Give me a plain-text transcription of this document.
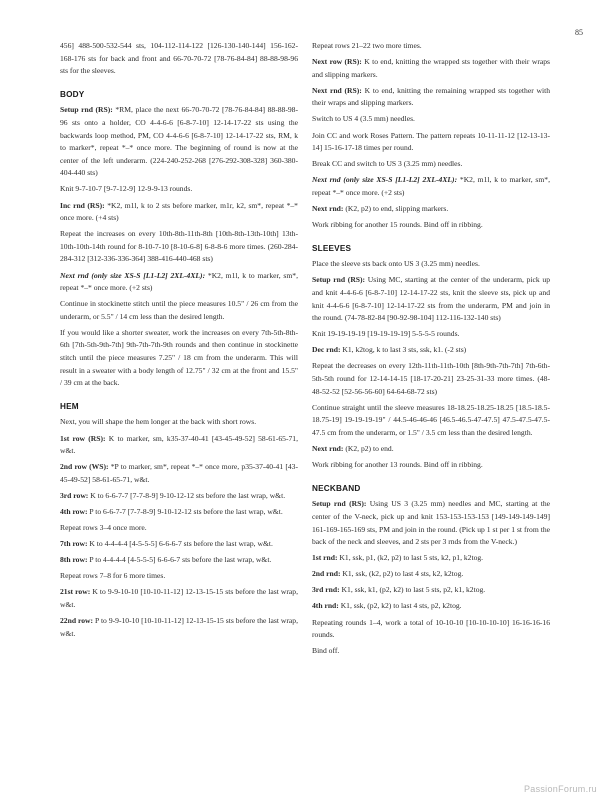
85

456] 488-500-532-544 sts, 104-112-114-122 [126-130-140-144] 156-162-168-176 sts for back and front and 66-70-70-72 [78-76-84-84] 88-88-98-96 sts for the sleeves.

BODY

Setup rnd (RS): *RM, place the next 66-70-70-72 [78-76-84-84] 88-88-98-96 sts onto a holder, CO 4-4-6-6 [6-8-7-10] 12-14-17-22 sts using the backwards loop method, PM, CO 4-4-6-6 [6-8-7-10] 12-14-17-22 sts, RM, k to marker*, repeat *–* once more. The beginning of round is now at the center of the left underarm. (224-240-252-268 [276-292-308-328] 360-380-404-440 sts)

Knit 9-7-10-7 [9-7-12-9] 12-9-9-13 rounds.

Inc rnd (RS): *K2, m1l, k to 2 sts before marker, m1r, k2, sm*, repeat *–* once more. (+4 sts)

Repeat the increases on every 10th-8th-11th-8th [10th-8th-13th-10th] 13th-10th-10th-14th round for 8-10-7-10 [8-10-6-8] 6-8-8-6 more times. (260-284-284-312 [312-336-336-364] 388-416-440-468 sts)

Next rnd (only size XS-S [L1-L2] 2XL-4XL): *K2, m1l, k to marker, sm*, repeat *–* once more. (+2 sts)

Continue in stockinette stitch until the piece measures 10.5" / 26 cm from the underarm, or 5.5" / 14 cm less than the desired length.

If you would like a shorter sweater, work the increases on every 7th-5th-8th-6th [7th-5th-9th-7th] 9th-7th-7th-9th rounds and then continue in stockinette stitch until the piece measures 7.25" / 18 cm from the underarm. This will result in a sweater with a body length of 12.75" / 32 cm at the front and 15.5" / 39 cm at the back.

HEM

Next, you will shape the hem longer at the back with short rows.

1st row (RS): K to marker, sm, k35-37-40-41 [43-45-49-52] 58-61-65-71, w&t.

2nd row (WS): *P to marker, sm*, repeat *–* once more, p35-37-40-41 [43-45-49-52] 58-61-65-71, w&t.

3rd row: K to 6-6-7-7 [7-7-8-9] 9-10-12-12 sts before the last wrap, w&t.

4th row: P to 6-6-7-7 [7-7-8-9] 9-10-12-12 sts before the last wrap, w&t.

Repeat rows 3–4 once more.

7th row: K to 4-4-4-4 [4-5-5-5] 6-6-6-7 sts before the last wrap, w&t.

8th row: P to 4-4-4-4 [4-5-5-5] 6-6-6-7 sts before the last wrap, w&t.

Repeat rows 7–8 for 6 more times.

21st row: K to 9-9-10-10 [10-10-11-12] 12-13-15-15 sts before the last wrap, w&t.

22nd row: P to 9-9-10-10 [10-10-11-12] 12-13-15-15 sts before the last wrap, w&t.

Repeat rows 21–22 two more times.

Next row (RS): K to end, knitting the wrapped sts together with their wraps and slipping markers.

Next rnd (RS): K to end, knitting the remaining wrapped sts together with their wraps and slipping markers.

Switch to US 4 (3.5 mm) needles.

Join CC and work Roses Pattern. The pattern repeats 10-11-11-12 [12-13-13-14] 15-16-17-18 times per round.

Break CC and switch to US 3 (3.25 mm) needles.

Next rnd (only size XS-S [L1-L2] 2XL-4XL): *K2, m1l, k to marker, sm*, repeat *–* once more. (+2 sts)

Next rnd: (K2, p2) to end, slipping markers.

Work ribbing for another 15 rounds. Bind off in ribbing.

SLEEVES

Place the sleeve sts back onto US 3 (3.25 mm) needles.

Setup rnd (RS): Using MC, starting at the center of the underarm, pick up and knit 4-4-6-6 [6-8-7-10] 12-14-17-22 sts, knit the sleeve sts, pick up and knit 4-4-6-6 [6-8-7-10] 12-14-17-22 sts from the underarm, PM and join in the round. (74-78-82-84 [90-92-98-104] 112-116-132-140 sts)

Knit 19-19-19-19 [19-19-19-19] 5-5-5-5 rounds.

Dec rnd: K1, k2tog, k to last 3 sts, ssk, k1. (-2 sts)

Repeat the decreases on every 12th-11th-11th-10th [8th-9th-7th-7th] 7th-6th-5th-5th round for 12-14-14-15 [18-17-20-21] 23-25-31-33 more times. (48-48-52-52 [52-56-56-60] 64-64-68-72 sts)

Continue straight until the sleeve measures 18-18.25-18.25-18.25 [18.5-18.5-18.75-19] 19-19-19-19" / 44.5-46-46-46 [46.5-46.5-47-47.5] 47.5-47.5-47.5-47.5 cm from the underarm, or 1.5" / 3.5 cm less than the desired length.

Next rnd: (K2, p2) to end.

Work ribbing for another 13 rounds. Bind off in ribbing.

NECKBAND

Setup rnd (RS): Using US 3 (3.25 mm) needles and MC, starting at the center of the V-neck, pick up and knit 153-153-153-153 [149-149-149-149] 161-169-165-169 sts, PM and join in the round. (Pick up 1 st per 1 st from the back of the neck and sleeves, and 2 sts per 3 rnds from the V-neck.)

1st rnd: K1, ssk, p1, (k2, p2) to last 5 sts, k2, p1, k2tog.

2nd rnd: K1, ssk, (k2, p2) to last 4 sts, k2, k2tog.

3rd rnd: K1, ssk, k1, (p2, k2) to last 5 sts, p2, k1, k2tog.

4th rnd: K1, ssk, (p2, k2) to last 4 sts, p2, k2tog.

Repeating rounds 1–4, work a total of 10-10-10 [10-10-10-10] 16-16-16-16 rounds.

Bind off.

PassionForum.ru
